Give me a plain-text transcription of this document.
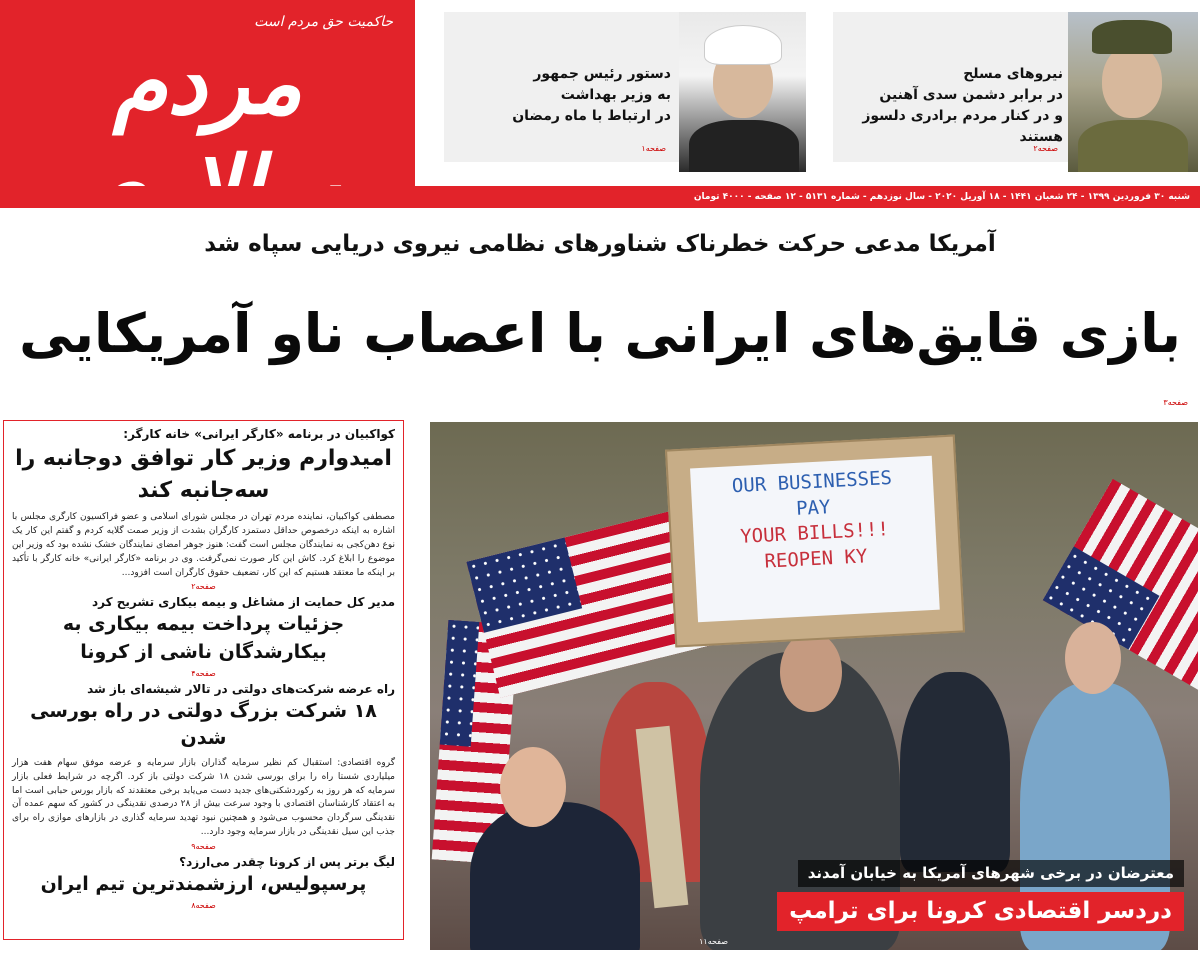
حاکمیت حق مردم است
مردم	دستور رئیس جمهور
به وزیر بهداشت
در ارتباط با ماه رمضان
صفحه۱
نیروهای مسلح
در برابر دشمن سدی آهنین
و در کنار مردم برادری دلسوز هستند
صفحه۲
شنبه ۳۰ فروردین ۱۳۹۹ - ۲۴ شعبان ۱۴۴۱ - ۱۸ آوریل ۲۰۲۰ - سال نوزدهم - شماره ۵۱۳۱ - ۱۲ صفحه - ۴۰۰۰ تومان
آمریکا مدعی حرکت خطرناک شناورهای نظامی نیروی دریایی سپاه شد
بازی قایق‌های ایرانی با اعصاب ناو آمریکایی
صفحه۳
کواکبیان در برنامه «کارگر ایرانی» خانه کارگر:
امیدوارم وزیر کار توافق دوجانبه را سه‌جانبه کند
مصطفی کواکبیان، نماینده مردم تهران در مجلس شورای اسلامی و عضو فراکسیون کارگری مجلس با اشاره به اینکه درخصوص حداقل دستمزد کارگران بشدت از وزیر صمت گلایه کردم و گفتم این کار یک نوع دهن‌کجی به نمایندگان مجلس است گفت: هنوز جوهر امضای نمایندگان خشک نشده بود که وزیر این موضوع را ابلاغ کرد. کاش این کار صورت نمی‌گرفت. وی در برنامه «کارگر ایرانی» خانه کارگر با تأکید بر اینکه ما معتقد هستیم که این کار، تضعیف حقوق کارگران است افزود...
صفحه۲
مدیر کل حمایت از مشاغل و بیمه بیکاری تشریح کرد
جزئیات پرداخت بیمه بیکاری به بیکارشدگان ناشی از کرونا
صفحه۴
راه عرضه شرکت‌های دولتی در تالار شیشه‌ای باز شد
۱۸ شرکت بزرگ دولتی در راه بورسی شدن
گروه اقتصادی: استقبال کم نظیر سرمایه گذاران بازار سرمایه و عرضه موفق سهام هفت هزار میلیاردی شستا راه را برای بورسی شدن ۱۸ شرکت دولتی باز کرد. اگرچه در شرایط فعلی بازار سرمایه که هر روز به رکوردشکنی‌های جدید دست می‌یابد برخی معتقدند که بازار بورس حبابی است اما به اعتقاد کارشناسان اقتصادی با وجود سرعت بیش از ۲۸ درصدی نقدینگی در کشور که سهم عمده آن نقدینگی سرگردان محسوب می‌شود و همچنین نبود تهدید سرمایه گذاری در بازارهای موازی راه برای جذب این سیل نقدینگی در بازار سرمایه وجود دارد...
صفحه۹
لیگ برتر پس از کرونا چقدر می‌ارزد؟
پرسپولیس، ارزشمندترین تیم ایران
صفحه۸
OUR BUSINESSES
PAY
YOUR BILLS!!!
REOPEN KY
معترضان در برخی شهرهای آمریکا به خیابان آمدند
دردسر اقتصادی کرونا برای ترامپ
صفحه۱۱
